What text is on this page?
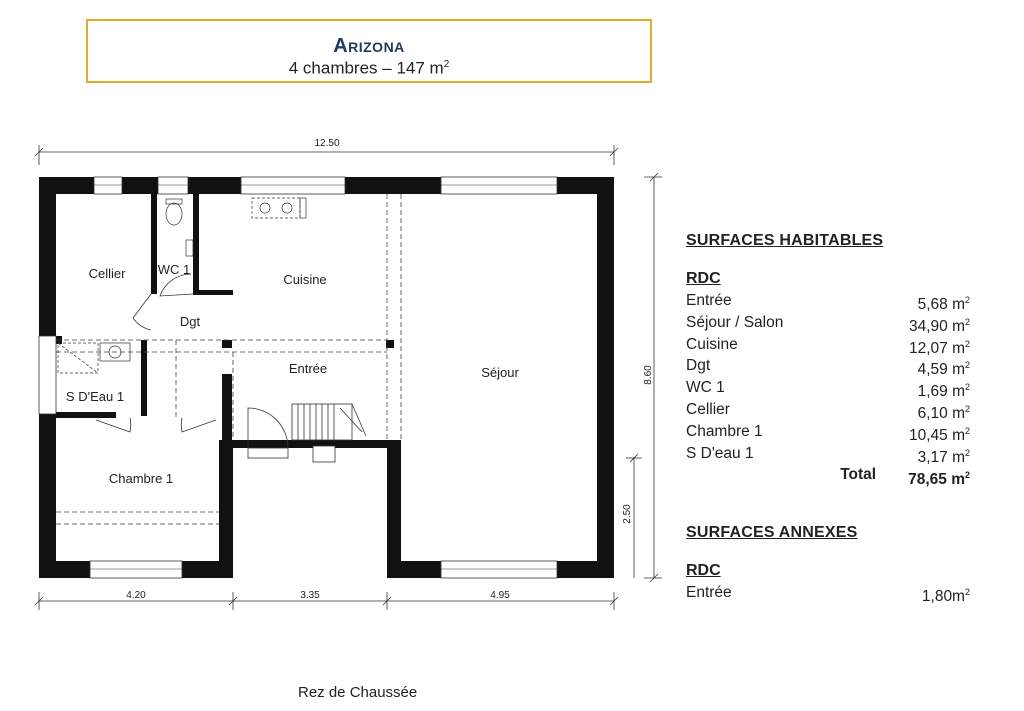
Arizona
4 chambres – 147 $m^2$
12.50
4.20	3.35	4.95
8.60
2.50
Cellier WC 1
Cuisine
Dgt
Entrée	Séjour
S D'Eau 1
Chambre 1
SURFACES HABITABLES
RDC
Entrée	5,68 $m^2$
Séjour / Salon	34,90 $m^2$
Cuisine	12,07 $m^2$
Dgt	4,59 $m^2$
WC 1	1,69 $m^2$
Cellier	6,10 $m^2$
Chambre 1	10,45 $m^2$
S D'eau 1	3,17 $m^2$
Total 78,65 $m^2$
SURFACES ANNEXES
RDC
Entrée	$1,80m^2$
Rez de Chaussée
